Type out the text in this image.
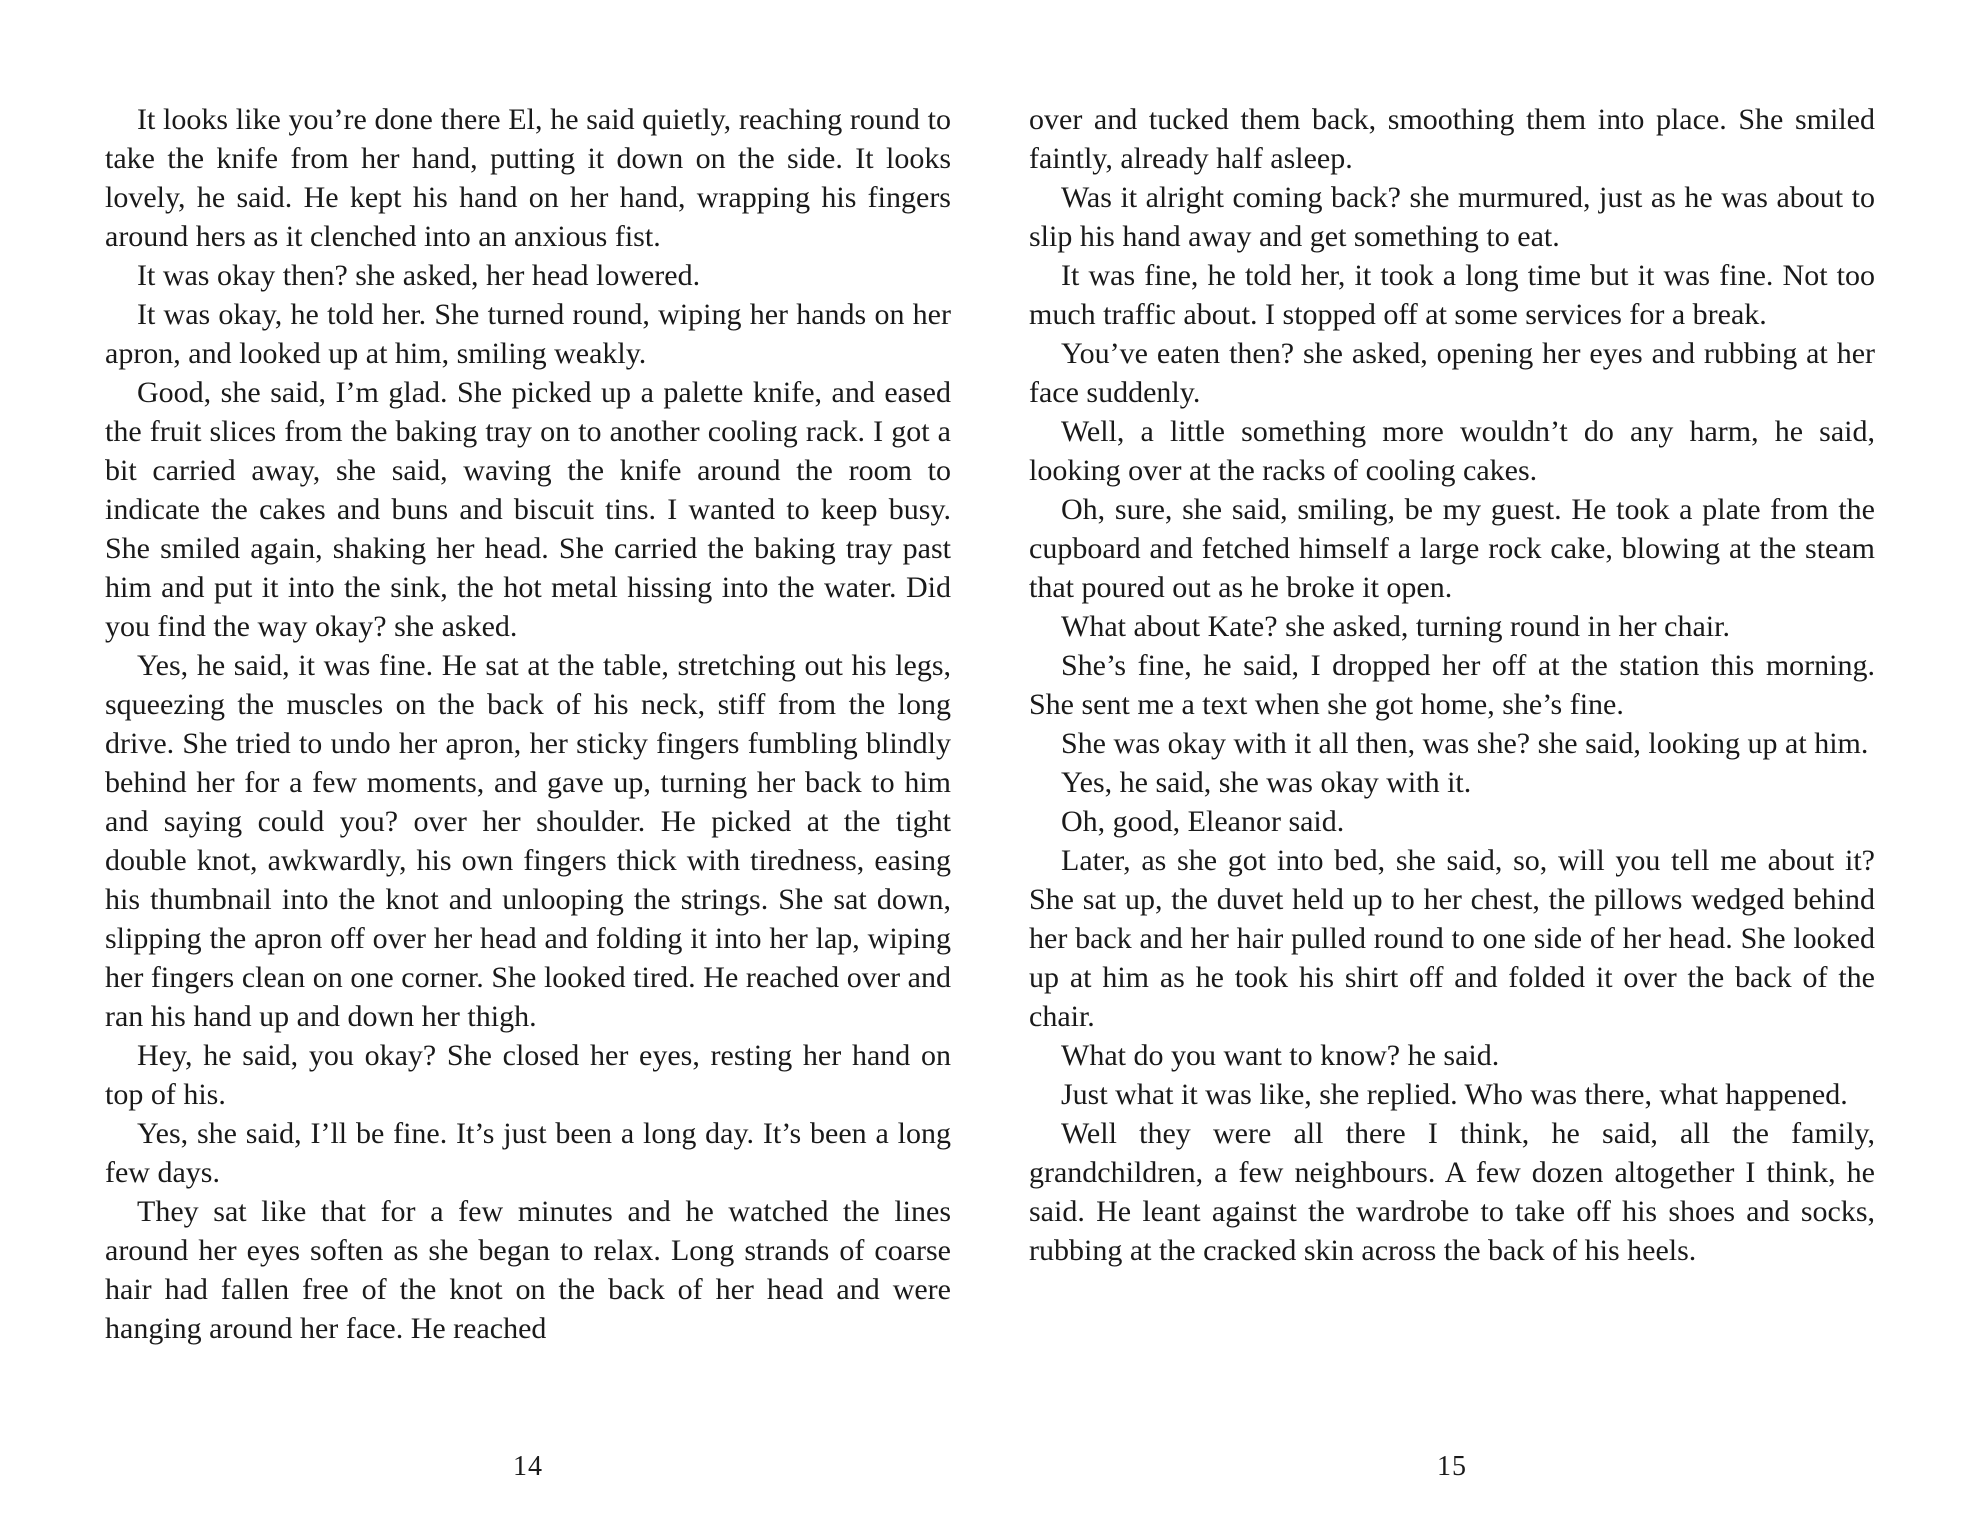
It looks like you’re done there El, he said quietly, reaching round to take the knife from her hand, putting it down on the side. It looks lovely, he said. He kept his hand on her hand, wrapping his fingers around hers as it clenched into an anxious fist.

It was okay then? she asked, her head lowered.

It was okay, he told her. She turned round, wiping her hands on her apron, and looked up at him, smiling weakly.

Good, she said, I’m glad. She picked up a palette knife, and eased the fruit slices from the baking tray on to another cooling rack. I got a bit carried away, she said, waving the knife around the room to indicate the cakes and buns and biscuit tins. I wanted to keep busy. She smiled again, shaking her head. She carried the baking tray past him and put it into the sink, the hot metal hissing into the water. Did you find the way okay? she asked.

Yes, he said, it was fine. He sat at the table, stretching out his legs, squeezing the muscles on the back of his neck, stiff from the long drive. She tried to undo her apron, her sticky fingers fumbling blindly behind her for a few moments, and gave up, turning her back to him and saying could you? over her shoulder. He picked at the tight double knot, awkwardly, his own fingers thick with tiredness, easing his thumbnail into the knot and unlooping the strings. She sat down, slipping the apron off over her head and folding it into her lap, wiping her fingers clean on one corner. She looked tired. He reached over and ran his hand up and down her thigh.

Hey, he said, you okay? She closed her eyes, resting her hand on top of his.

Yes, she said, I’ll be fine. It’s just been a long day. It’s been a long few days.

They sat like that for a few minutes and he watched the lines around her eyes soften as she began to relax. Long strands of coarse hair had fallen free of the knot on the back of her head and were hanging around her face. He reached

14

over and tucked them back, smoothing them into place. She smiled faintly, already half asleep.

Was it alright coming back? she murmured, just as he was about to slip his hand away and get something to eat.

It was fine, he told her, it took a long time but it was fine. Not too much traffic about. I stopped off at some services for a break.

You’ve eaten then? she asked, opening her eyes and rubbing at her face suddenly.

Well, a little something more wouldn’t do any harm, he said, looking over at the racks of cooling cakes.

Oh, sure, she said, smiling, be my guest. He took a plate from the cupboard and fetched himself a large rock cake, blowing at the steam that poured out as he broke it open.

What about Kate? she asked, turning round in her chair.

She’s fine, he said, I dropped her off at the station this morning. She sent me a text when she got home, she’s fine.

She was okay with it all then, was she? she said, looking up at him.

Yes, he said, she was okay with it.

Oh, good, Eleanor said.

Later, as she got into bed, she said, so, will you tell me about it? She sat up, the duvet held up to her chest, the pillows wedged behind her back and her hair pulled round to one side of her head. She looked up at him as he took his shirt off and folded it over the back of the chair.

What do you want to know? he said.

Just what it was like, she replied. Who was there, what happened.

Well they were all there I think, he said, all the family, grandchildren, a few neighbours. A few dozen altogether I think, he said. He leant against the wardrobe to take off his shoes and socks, rubbing at the cracked skin across the back of his heels.

15
